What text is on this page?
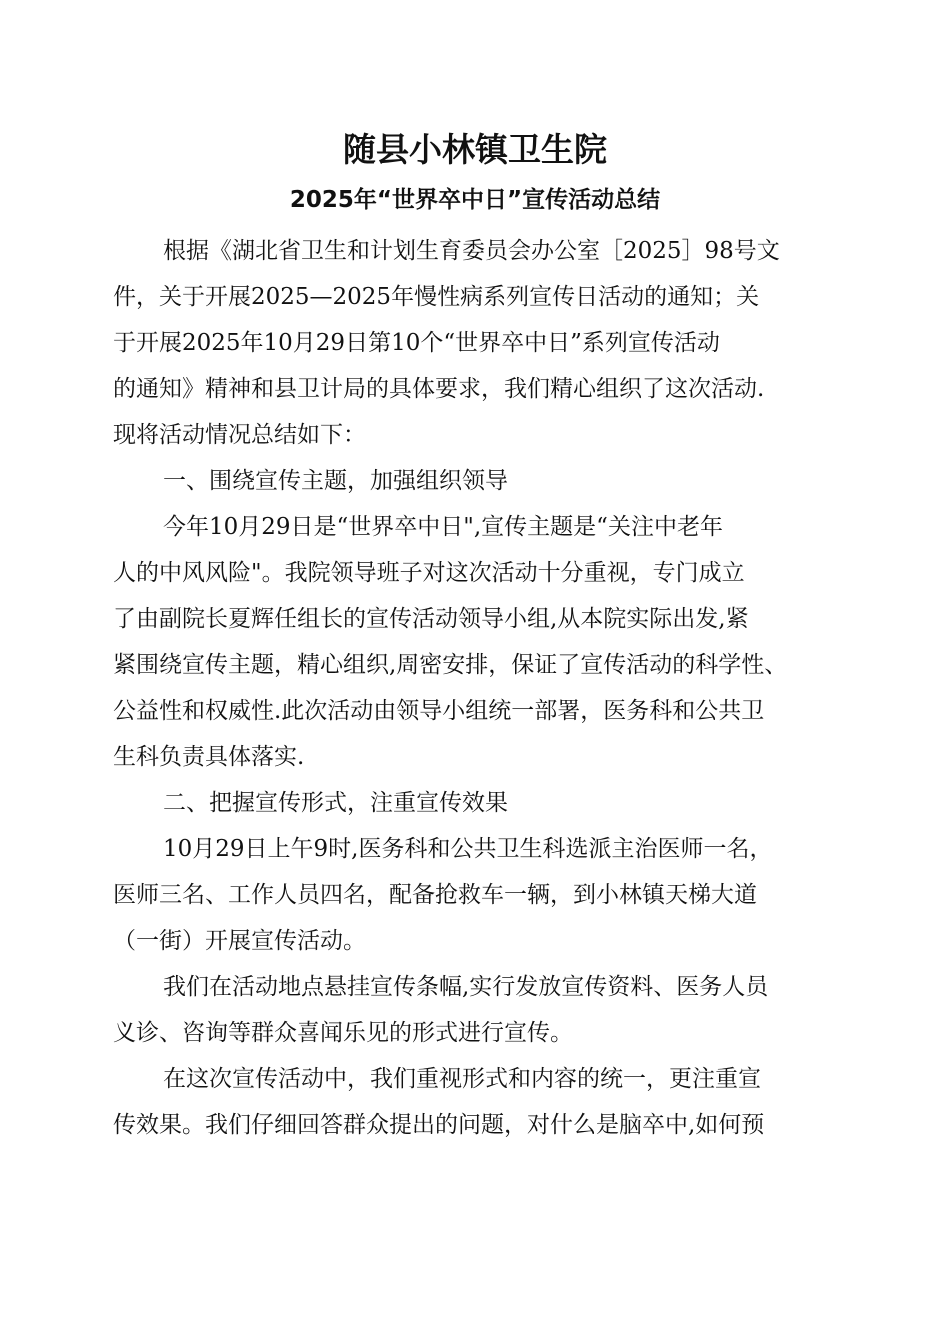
随县小林镇卫生院
2025年“世界卒中日”宣传活动总结
根据《湖北省卫生和计划生育委员会办公室［2025］98号文
件，关于开展2025—2025年慢性病系列宣传日活动的通知；关
于开展2025年10月29日第10个“世界卒中日”系列宣传活动
的通知》精神和县卫计局的具体要求，我们精心组织了这次活动.
现将活动情况总结如下：
一、围绕宣传主题，加强组织领导
今年10月29日是“世界卒中日",宣传主题是“关注中老年
人的中风风险"。我院领导班子对这次活动十分重视，专门成立
了由副院长夏辉任组长的宣传活动领导小组,从本院实际出发,紧
紧围绕宣传主题，精心组织,周密安排，保证了宣传活动的科学性、
公益性和权威性.此次活动由领导小组统一部署，医务科和公共卫
生科负责具体落实.
二、把握宣传形式，注重宣传效果
10月29日上午9时,医务科和公共卫生科选派主治医师一名，
医师三名、工作人员四名，配备抢救车一辆，到小林镇天梯大道
（一街）开展宣传活动。
我们在活动地点悬挂宣传条幅,实行发放宣传资料、医务人员
义诊、咨询等群众喜闻乐见的形式进行宣传。
在这次宣传活动中，我们重视形式和内容的统一，更注重宣
传效果。我们仔细回答群众提出的问题，对什么是脑卒中,如何预
